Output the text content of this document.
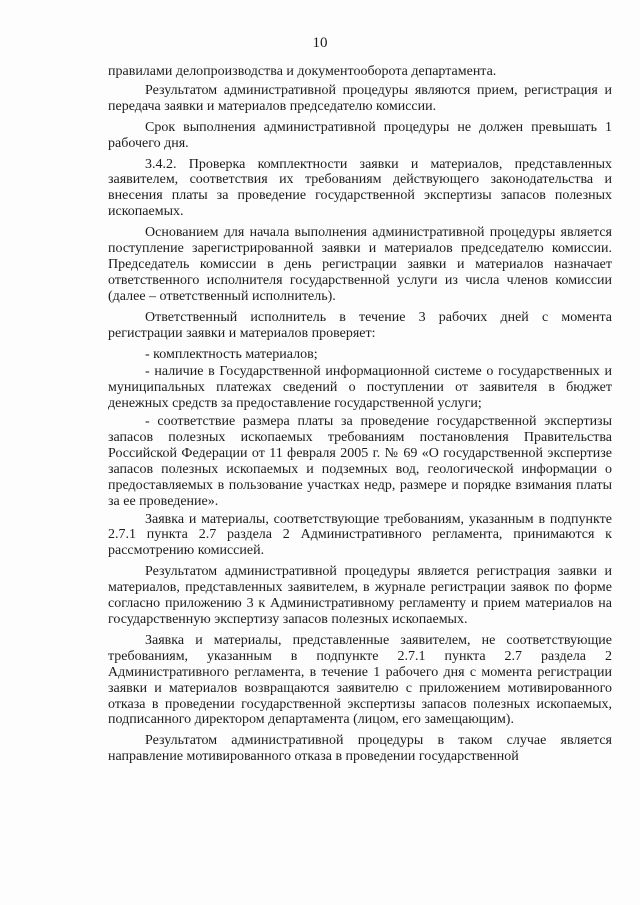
10

правилами делопроизводства и документооборота департамента.

Результатом административной процедуры являются прием, регистрация и передача заявки и материалов председателю комиссии.

Срок выполнения административной процедуры не должен превышать 1 рабочего дня.

3.4.2. Проверка комплектности заявки и материалов, представленных заявителем, соответствия их требованиям действующего законодательства и внесения платы за проведение государственной экспертизы запасов полезных ископаемых.

Основанием для начала выполнения административной процедуры является поступление зарегистрированной заявки и материалов председателю комиссии. Председатель комиссии в день регистрации заявки и материалов назначает ответственного исполнителя государственной услуги из числа членов комиссии (далее – ответственный исполнитель).

Ответственный исполнитель в течение 3 рабочих дней с момента регистрации заявки и материалов проверяет:

- комплектность материалов;

- наличие в Государственной информационной системе о государственных и муниципальных платежах сведений о поступлении от заявителя в бюджет денежных средств за предоставление государственной услуги;

- соответствие размера платы за проведение государственной экспертизы запасов полезных ископаемых требованиям постановления Правительства Российской Федерации от 11 февраля 2005 г. № 69 «О государственной экспертизе запасов полезных ископаемых и подземных вод, геологической информации о предоставляемых в пользование участках недр, размере и порядке взимания платы за ее проведение».

Заявка и материалы, соответствующие требованиям, указанным в подпункте 2.7.1 пункта 2.7 раздела 2 Административного регламента, принимаются к рассмотрению комиссией.

Результатом административной процедуры является регистрация заявки и материалов, представленных заявителем, в журнале регистрации заявок по форме согласно приложению 3 к Административному регламенту и прием материалов на государственную экспертизу запасов полезных ископаемых.

Заявка и материалы, представленные заявителем, не соответствующие требованиям, указанным в подпункте 2.7.1 пункта 2.7 раздела 2 Административного регламента, в течение 1 рабочего дня с момента регистрации заявки и материалов возвращаются заявителю с приложением мотивированного отказа в проведении государственной экспертизы запасов полезных ископаемых, подписанного директором департамента (лицом, его замещающим).

Результатом административной процедуры в таком случае является направление мотивированного отказа в проведении государственной
